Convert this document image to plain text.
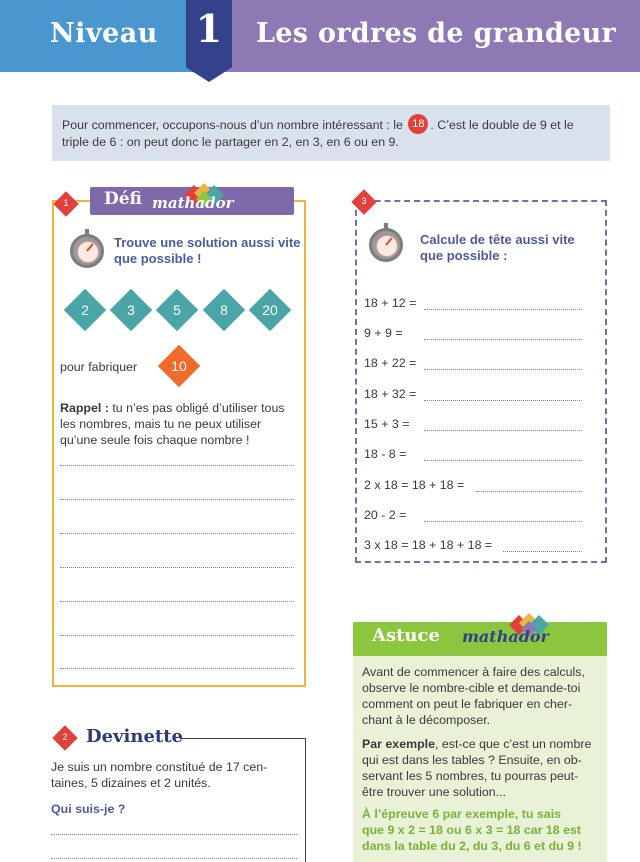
Niveau 1	Les ordres de grandeur
Pour commencer, occupons-nous d’un nombre intéressant : le 18 . C’est le double de 9 et le triple de 6 : on peut donc le partager en 2, en 3, en 6 ou en 9.
1	Défi mathador
Trouve une solution aussi vite
que possible !
2	3	5	8	20
pour fabriquer	10
Rappel : tu n’es pas obligé d’utiliser tous
les nombres, mais tu ne peux utiliser
qu’une seule fois chaque nombre !
3
Calcule de tête aussi vite
que possible :
18 + 12 =
9 + 9 =
18 + 22 =
18 + 32 =
15 + 3 =
18 - 8 =
2 x 18 = 18 + 18 =
20 - 2 =
3 x 18 = 18 + 18 + 18 =
2	Devinette
Je suis un nombre constitué de 17 cen-
taines, 5 dizaines et 2 unités.
Qui suis-je ?
Astuce mathador
Avant de commencer à faire des calculs,
observe le nombre-cible et demande-toi
comment on peut le fabriquer en cher-
chant à le décomposer.
Par exemple, est-ce que c’est un nombre
qui est dans les tables ? Ensuite, en ob-
servant les 5 nombres, tu pourras peut-
être trouver une solution...
À l’épreuve 6 par exemple, tu sais
que 9 x 2 = 18 ou 6 x 3 = 18 car 18 est
dans la table du 2, du 3, du 6 et du 9 !
